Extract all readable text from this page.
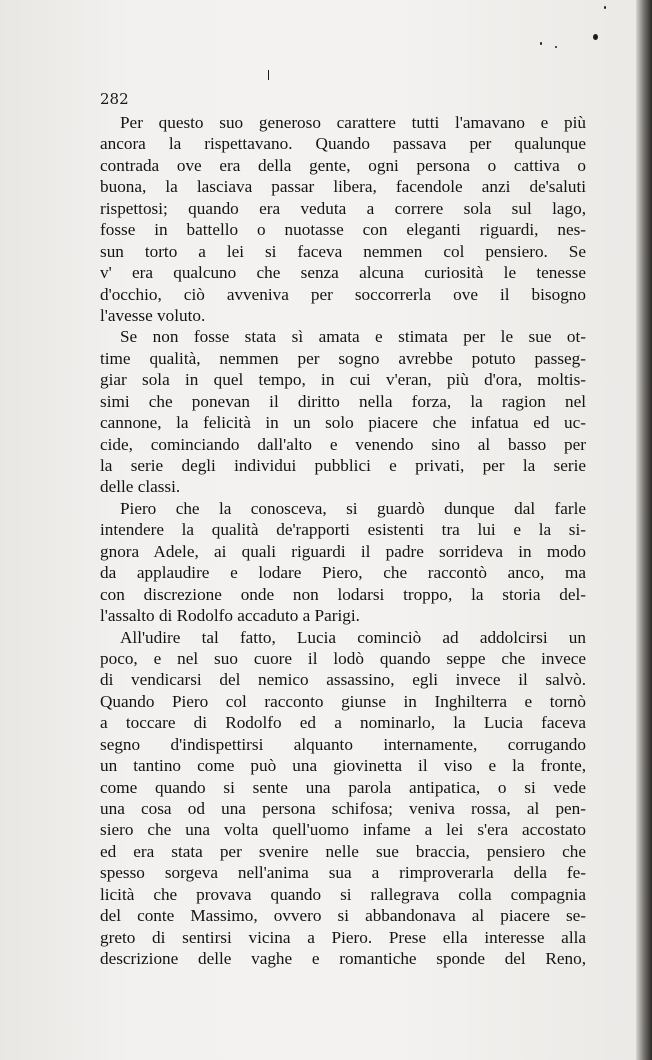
282
Per questo suo generoso carattere tutti l'amavano e più
ancora la rispettavano. Quando passava per qualunque
contrada ove era della gente, ogni persona o cattiva o
buona, la lasciava passar libera, facendole anzi de'saluti
rispettosi; quando era veduta a correre sola sul lago,
fosse in battello o nuotasse con eleganti riguardi, nes-
sun torto a lei si faceva nemmen col pensiero. Se
v' era qualcuno che senza alcuna curiosità le tenesse
d'occhio, ciò avveniva per soccorrerla ove il bisogno
l'avesse voluto.
Se non fosse stata sì amata e stimata per le sue ot-
time qualità, nemmen per sogno avrebbe potuto passeg-
giar sola in quel tempo, in cui v'eran, più d'ora, moltis-
simi che ponevan il diritto nella forza, la ragion nel
cannone, la felicità in un solo piacere che infatua ed uc-
cide, cominciando dall'alto e venendo sino al basso per
la serie degli individui pubblici e privati, per la serie
delle classi.
Piero che la conosceva, si guardò dunque dal farle
intendere la qualità de'rapporti esistenti tra lui e la si-
gnora Adele, ai quali riguardi il padre sorrideva in modo
da applaudire e lodare Piero, che raccontò anco, ma
con discrezione onde non lodarsi troppo, la storia del-
l'assalto di Rodolfo accaduto a Parigi.
All'udire tal fatto, Lucia cominciò ad addolcirsi un
poco, e nel suo cuore il lodò quando seppe che invece
di vendicarsi del nemico assassino, egli invece il salvò.
Quando Piero col racconto giunse in Inghilterra e tornò
a toccare di Rodolfo ed a nominarlo, la Lucia faceva
segno d'indispettirsi alquanto internamente, corrugando
un tantino come può una giovinetta il viso e la fronte,
come quando si sente una parola antipatica, o si vede
una cosa od una persona schifosa; veniva rossa, al pen-
siero che una volta quell'uomo infame a lei s'era accostato
ed era stata per svenire nelle sue braccia, pensiero che
spesso sorgeva nell'anima sua a rimproverarla della fe-
licità che provava quando si rallegrava colla compagnia
del conte Massimo, ovvero si abbandonava al piacere se-
greto di sentirsi vicina a Piero. Prese ella interesse alla
descrizione delle vaghe e romantiche sponde del Reno,
